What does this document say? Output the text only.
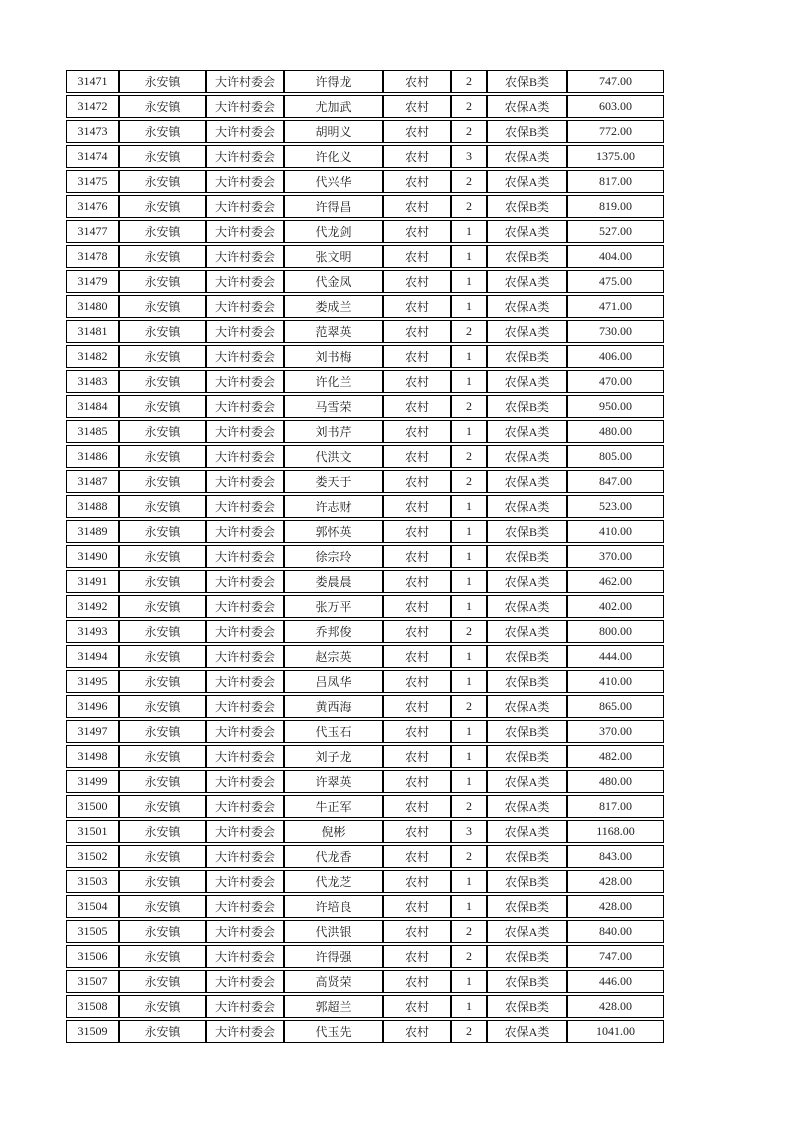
31471	永安镇	大许村委会	许得龙	农村	2	农保B类	747.00
31472	永安镇	大许村委会	尤加武	农村	2	农保A类	603.00
31473	永安镇	大许村委会	胡明义	农村	2	农保B类	772.00
31474	永安镇	大许村委会	许化义	农村	3	农保A类	1375.00
31475	永安镇	大许村委会	代兴华	农村	2	农保A类	817.00
31476	永安镇	大许村委会	许得昌	农村	2	农保B类	819.00
31477	永安镇	大许村委会	代龙剑	农村	1	农保A类	527.00
31478	永安镇	大许村委会	张文明	农村	1	农保B类	404.00
31479	永安镇	大许村委会	代金凤	农村	1	农保A类	475.00
31480	永安镇	大许村委会	娄成兰	农村	1	农保A类	471.00
31481	永安镇	大许村委会	范翠英	农村	2	农保A类	730.00
31482	永安镇	大许村委会	刘书梅	农村	1	农保B类	406.00
31483	永安镇	大许村委会	许化兰	农村	1	农保A类	470.00
31484	永安镇	大许村委会	马雪荣	农村	2	农保B类	950.00
31485	永安镇	大许村委会	刘书芹	农村	1	农保A类	480.00
31486	永安镇	大许村委会	代洪文	农村	2	农保A类	805.00
31487	永安镇	大许村委会	娄天于	农村	2	农保A类	847.00
31488	永安镇	大许村委会	许志财	农村	1	农保A类	523.00
31489	永安镇	大许村委会	郭怀英	农村	1	农保B类	410.00
31490	永安镇	大许村委会	徐宗玲	农村	1	农保B类	370.00
31491	永安镇	大许村委会	娄晨晨	农村	1	农保A类	462.00
31492	永安镇	大许村委会	张万平	农村	1	农保A类	402.00
31493	永安镇	大许村委会	乔邦俊	农村	2	农保A类	800.00
31494	永安镇	大许村委会	赵宗英	农村	1	农保B类	444.00
31495	永安镇	大许村委会	吕凤华	农村	1	农保B类	410.00
31496	永安镇	大许村委会	黄西海	农村	2	农保A类	865.00
31497	永安镇	大许村委会	代玉石	农村	1	农保B类	370.00
31498	永安镇	大许村委会	刘子龙	农村	1	农保B类	482.00
31499	永安镇	大许村委会	许翠英	农村	1	农保A类	480.00
31500	永安镇	大许村委会	牛正军	农村	2	农保A类	817.00
31501	永安镇	大许村委会	倪彬	农村	3	农保A类	1168.00
31502	永安镇	大许村委会	代龙香	农村	2	农保B类	843.00
31503	永安镇	大许村委会	代龙芝	农村	1	农保B类	428.00
31504	永安镇	大许村委会	许培良	农村	1	农保B类	428.00
31505	永安镇	大许村委会	代洪银	农村	2	农保A类	840.00
31506	永安镇	大许村委会	许得强	农村	2	农保B类	747.00
31507	永安镇	大许村委会	高贤荣	农村	1	农保B类	446.00
31508	永安镇	大许村委会	郭超兰	农村	1	农保B类	428.00
31509	永安镇	大许村委会	代玉先	农村	2	农保A类	1041.00
